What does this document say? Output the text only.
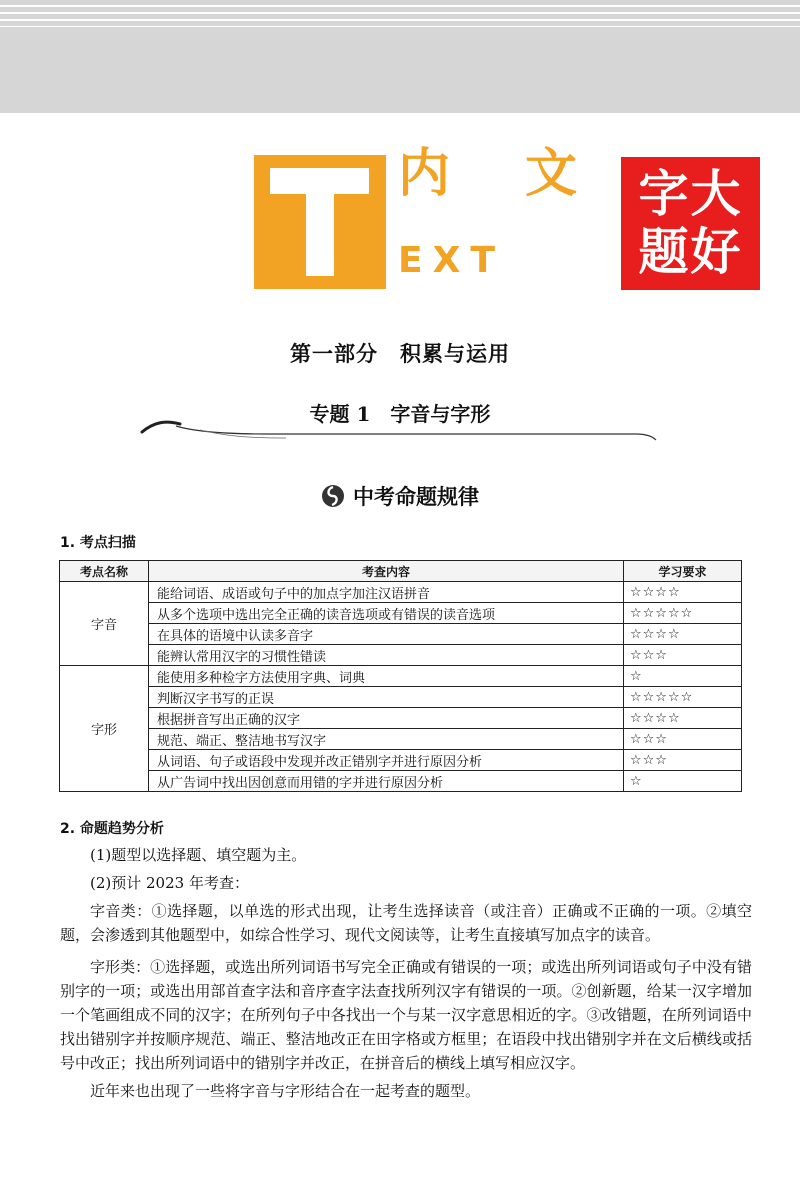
内 文
EXT
字大
题好
第一部分　积累与运用
专题 1　字音与字形
中考命题规律
1. 考点扫描
考点名称	考查内容	学习要求
字音	能给词语、成语或句子中的加点字加注汉语拼音	☆☆☆☆
	从多个选项中选出完全正确的读音选项或有错误的读音选项	☆☆☆☆☆
	在具体的语境中认读多音字	☆☆☆☆
	能辨认常用汉字的习惯性错读	☆☆☆
字形	能使用多种检字方法使用字典、词典	☆
	判断汉字书写的正误	☆☆☆☆☆
	根据拼音写出正确的汉字	☆☆☆☆
	规范、端正、整洁地书写汉字	☆☆☆
	从词语、句子或语段中发现并改正错别字并进行原因分析	☆☆☆
	从广告词中找出因创意而用错的字并进行原因分析	☆
2. 命题趋势分析

(1)题型以选择题、填空题为主。

(2)预计 2023 年考查：

字音类：①选择题，以单选的形式出现，让考生选择读音（或注音）正确或不正确的一项。②填空题，会渗透到其他题型中，如综合性学习、现代文阅读等，让考生直接填写加点字的读音。

字形类：①选择题，或选出所列词语书写完全正确或有错误的一项；或选出所列词语或句子中没有错别字的一项；或选出用部首查字法和音序查字法查找所列汉字有错误的一项。②创新题，给某一汉字增加一个笔画组成不同的汉字；在所列句子中各找出一个与某一汉字意思相近的字。③改错题，在所列词语中找出错别字并按顺序规范、端正、整洁地改正在田字格或方框里；在语段中找出错别字并在文后横线或括号中改正；找出所列词语中的错别字并改正，在拼音后的横线上填写相应汉字。

近年来也出现了一些将字音与字形结合在一起考查的题型。
